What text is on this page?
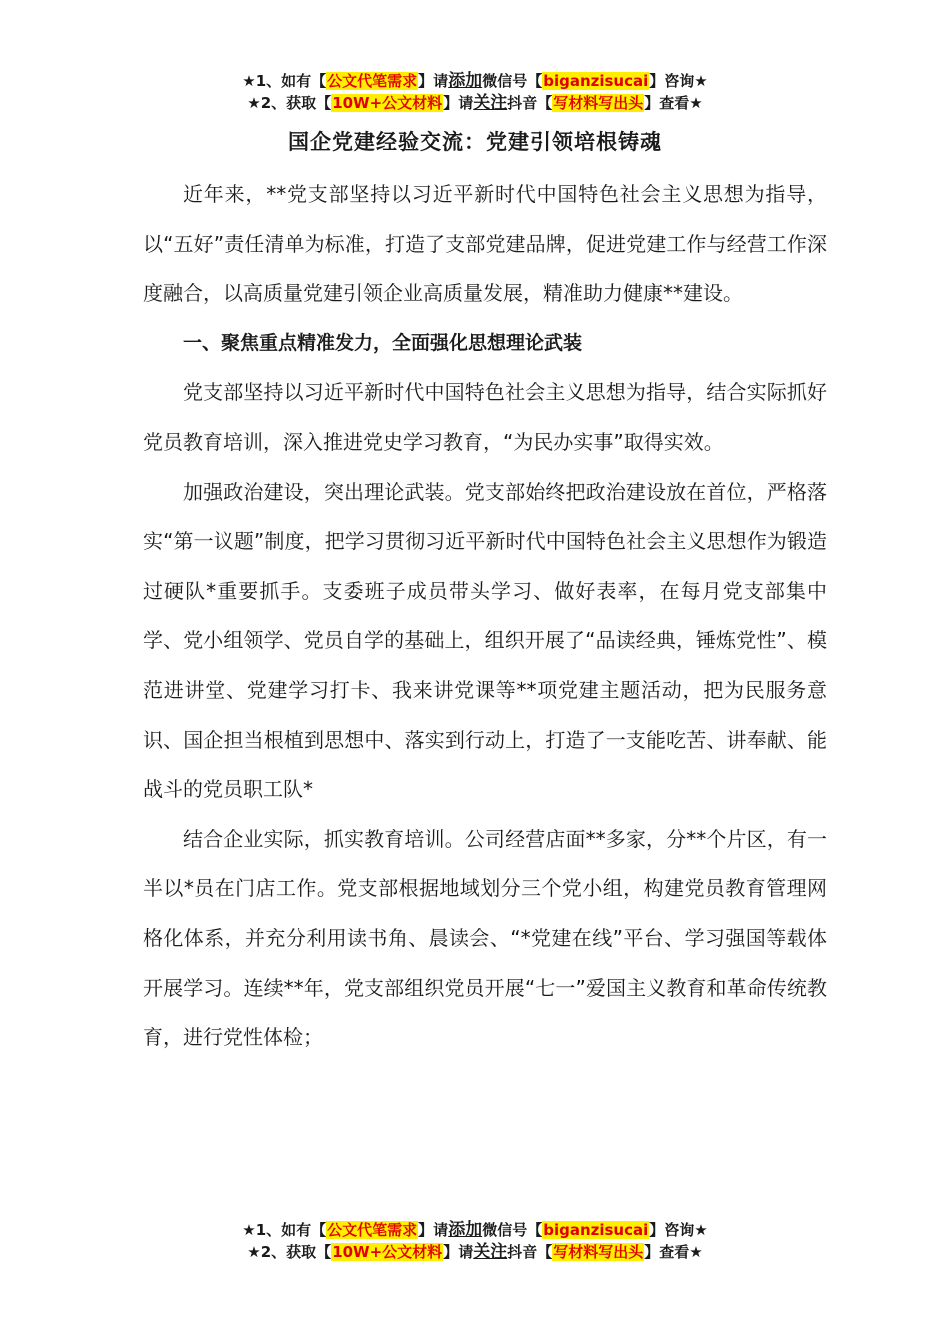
★1、如有【公文代笔需求】请添加微信号【biganzisucai】咨询★
★2、获取【10W+公文材料】请关注抖音【写材料写出头】查看★
国企党建经验交流：党建引领培根铸魂

近年来，**党支部坚持以习近平新时代中国特色社会主义思想为指导，以“五好”责任清单为标准，打造了支部党建品牌，促进党建工作与经营工作深度融合，以高质量党建引领企业高质量发展，精准助力健康**建设。

一、聚焦重点精准发力，全面强化思想理论武装

党支部坚持以习近平新时代中国特色社会主义思想为指导，结合实际抓好党员教育培训，深入推进党史学习教育，“为民办实事”取得实效。

加强政治建设，突出理论武装。党支部始终把政治建设放在首位，严格落实“第一议题”制度，把学习贯彻习近平新时代中国特色社会主义思想作为锻造过硬队*重要抓手。支委班子成员带头学习、做好表率，在每月党支部集中学、党小组领学、党员自学的基础上，组织开展了“品读经典，锤炼党性”、模范进讲堂、党建学习打卡、我来讲党课等**项党建主题活动，把为民服务意识、国企担当根植到思想中、落实到行动上，打造了一支能吃苦、讲奉献、能战斗的党员职工队*

结合企业实际，抓实教育培训。公司经营店面**多家，分**个片区，有一半以*员在门店工作。党支部根据地域划分三个党小组，构建党员教育管理网格化体系，并充分利用读书角、晨读会、“*党建在线”平台、学习强国等载体开展学习。连续**年，党支部组织党员开展“七一”爱国主义教育和革命传统教育，进行党性体检；

★1、如有【公文代笔需求】请添加微信号【biganzisucai】咨询★
★2、获取【10W+公文材料】请关注抖音【写材料写出头】查看★
